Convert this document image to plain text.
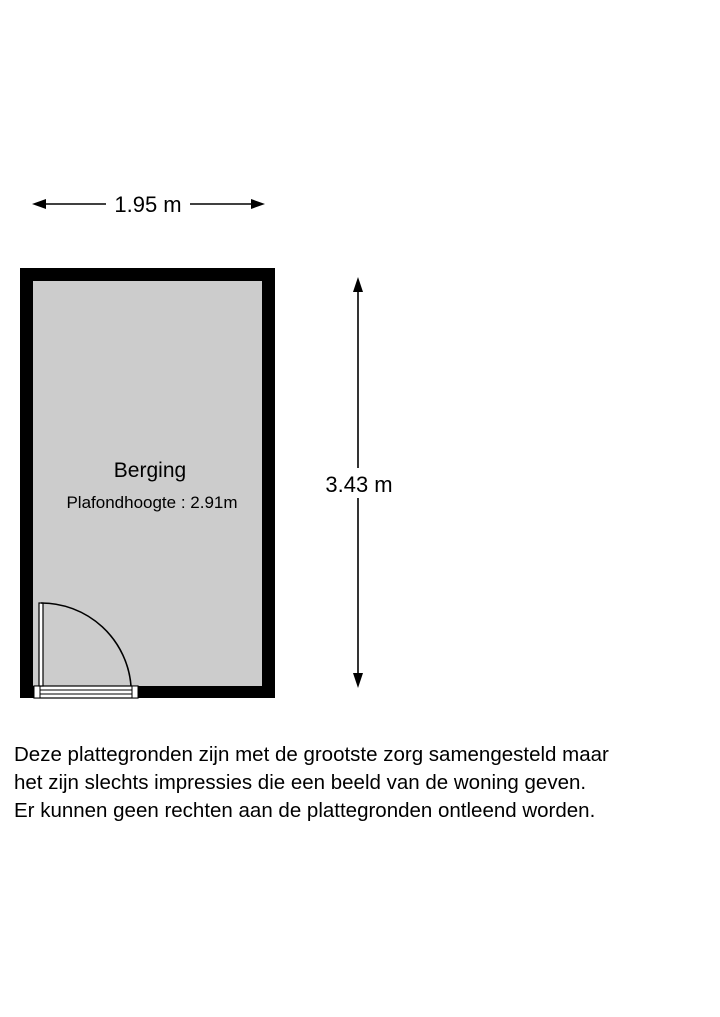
1.95 m
Berging
Plafondhoogte : 2.91m
3.43 m
Deze plattegronden zijn met de grootste zorg samengesteld maar
het zijn slechts impressies die een beeld van de woning geven.
Er kunnen geen rechten aan de plattegronden ontleend worden.
